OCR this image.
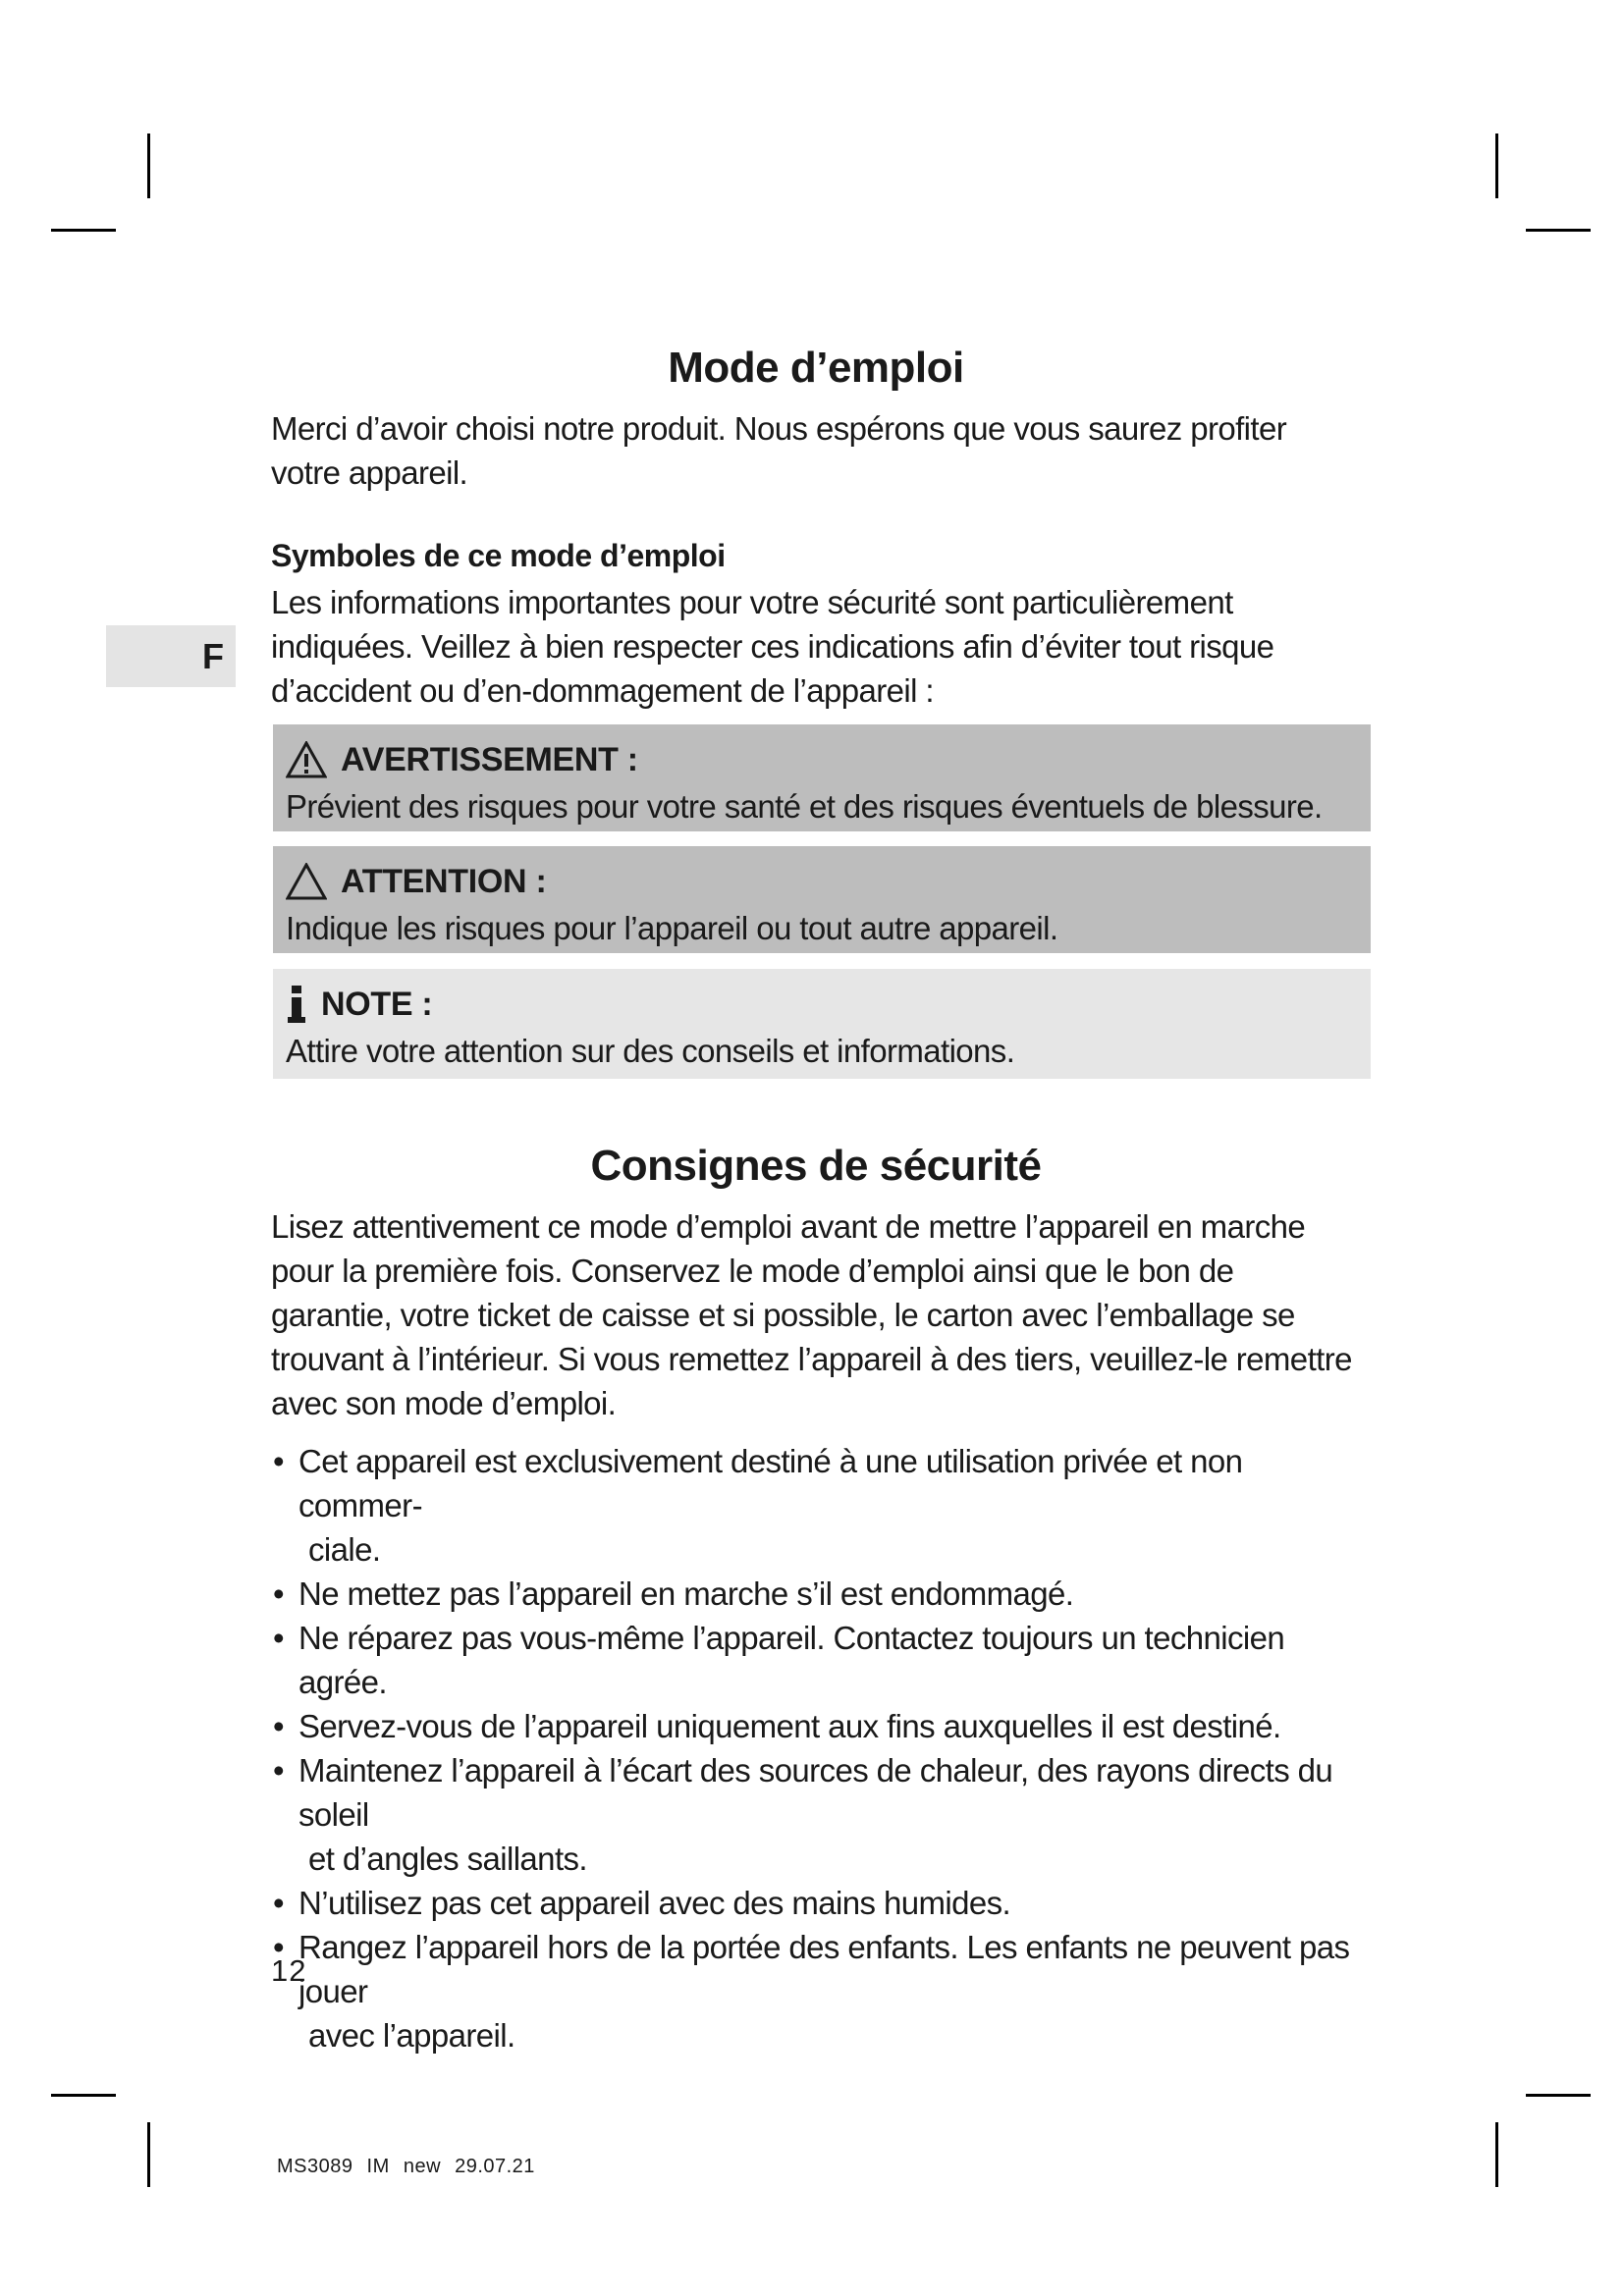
F
Mode d’emploi

Merci d’avoir choisi notre produit. Nous espérons que vous saurez profiter votre appareil.

Symboles de ce mode d’emploi

Les informations importantes pour votre sécurité sont particulièrement indiquées. Veillez à bien respecter ces indications afin d’éviter tout risque d’accident ou d’en-dommagement de l’appareil :

AVERTISSEMENT :
Prévient des risques pour votre santé et des risques éventuels de blessure.
ATTENTION :
Indique les risques pour l’appareil ou tout autre appareil.
NOTE :
Attire votre attention sur des conseils et informations.
Consignes de sécurité

Lisez attentivement ce mode d’emploi avant de mettre l’appareil en marche pour la première fois. Conservez le mode d’emploi ainsi que le bon de garantie, votre ticket de caisse et si possible, le carton avec l’emballage se trouvant à l’intérieur. Si vous remettez l’appareil à des tiers, veuillez-le remettre avec son mode d’emploi.

• Cet appareil est exclusivement destiné à une utilisation privée et non commer-
ciale.
• Ne mettez pas l’appareil en marche s’il est endommagé.
• Ne réparez pas vous-même l’appareil. Contactez toujours un technicien agrée.
• Servez-vous de l’appareil uniquement aux fins auxquelles il est destiné.
• Maintenez l’appareil à l’écart des sources de chaleur, des rayons directs du soleil
et d’angles saillants.
• N’utilisez pas cet appareil avec des mains humides.
• Rangez l’appareil hors de la portée des enfants. Les enfants ne peuvent pas jouer
avec l’appareil.
12
MS3089 IM new 29.07.21
